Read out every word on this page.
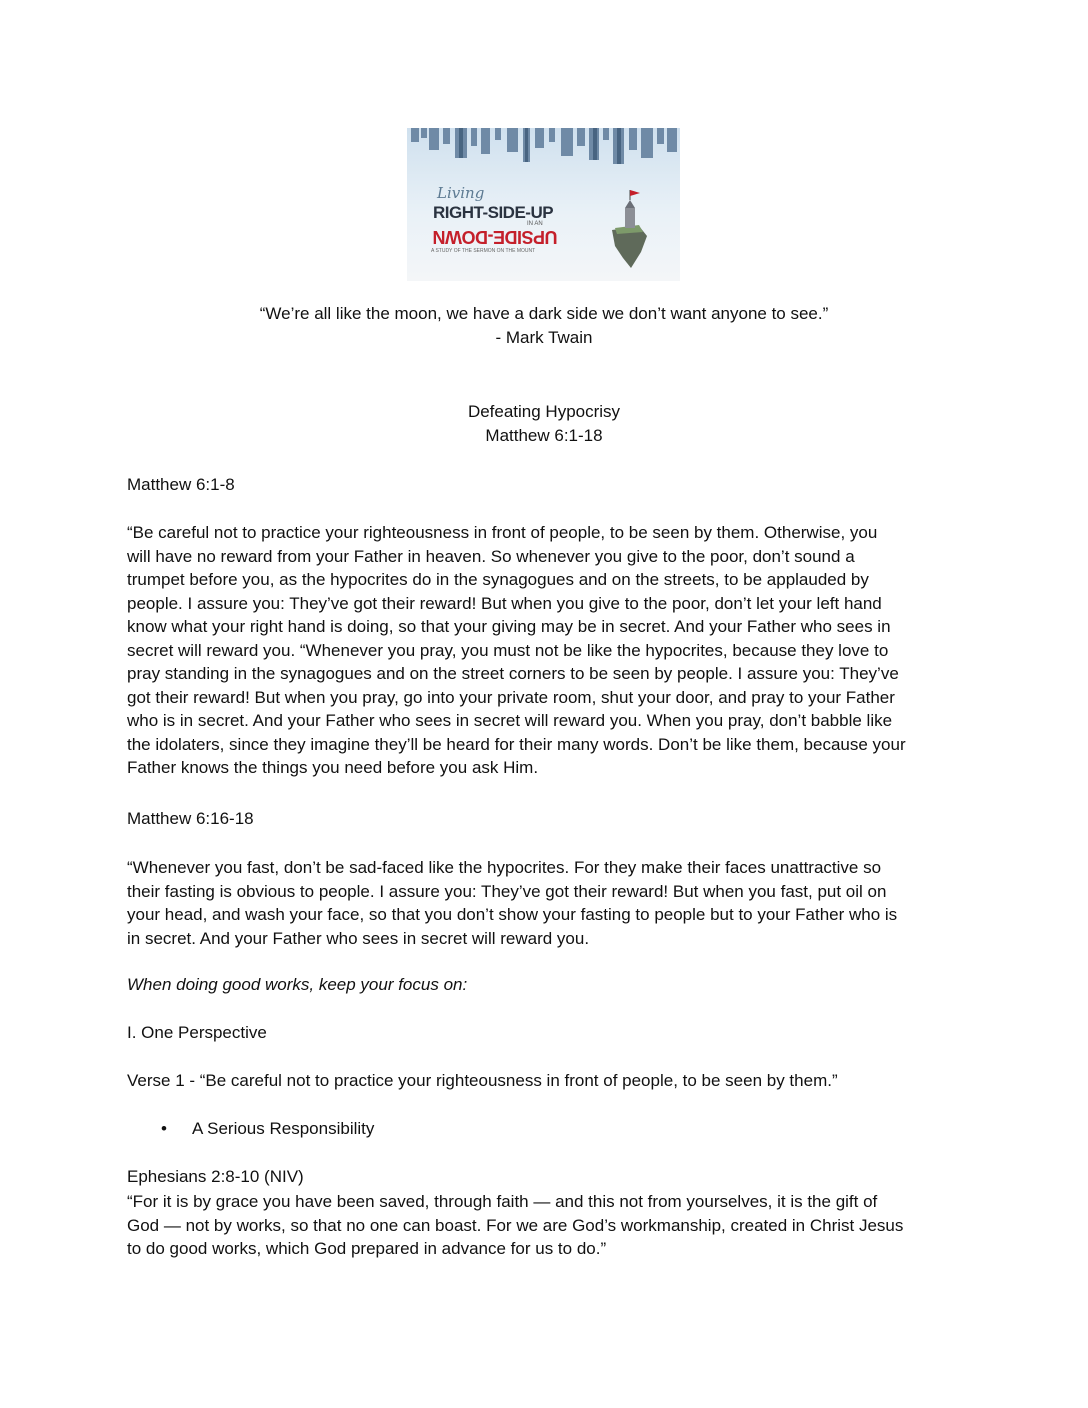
Living
RIGHT-SIDE-UP
IN AN
UPSIDE-DOWN
A STUDY OF THE SERMON ON THE MOUNT
“We’re all like the moon, we have a dark side we don’t want anyone to see.”
- Mark Twain
Defeating Hypocrisy
Matthew 6:1-18
Matthew 6:1-8
“Be careful not to practice your righteousness in front of people, to be seen by them. Otherwise, you
will have no reward from your Father in heaven. So whenever you give to the poor, don’t sound a
trumpet before you, as the hypocrites do in the synagogues and on the streets, to be applauded by
people. I assure you: They’ve got their reward! But when you give to the poor, don’t let your left hand
know what your right hand is doing, so that your giving may be in secret. And your Father who sees in
secret will reward you. “Whenever you pray, you must not be like the hypocrites, because they love to
pray standing in the synagogues and on the street corners to be seen by people. I assure you: They’ve
got their reward! But when you pray, go into your private room, shut your door, and pray to your Father
who is in secret. And your Father who sees in secret will reward you. When you pray, don’t babble like
the idolaters, since they imagine they’ll be heard for their many words. Don’t be like them, because your
Father knows the things you need before you ask Him.
Matthew 6:16-18
“Whenever you fast, don’t be sad-faced like the hypocrites. For they make their faces unattractive so
their fasting is obvious to people. I assure you: They’ve got their reward! But when you fast, put oil on
your head, and wash your face, so that you don’t show your fasting to people but to your Father who is
in secret. And your Father who sees in secret will reward you.
When doing good works, keep your focus on:
I. One Perspective
Verse 1 - “Be careful not to practice your righteousness in front of people, to be seen by them.”
• A Serious Responsibility
Ephesians 2:8-10 (NIV)
“For it is by grace you have been saved, through faith — and this not from yourselves, it is the gift of
God — not by works, so that no one can boast. For we are God’s workmanship, created in Christ Jesus
to do good works, which God prepared in advance for us to do.”
